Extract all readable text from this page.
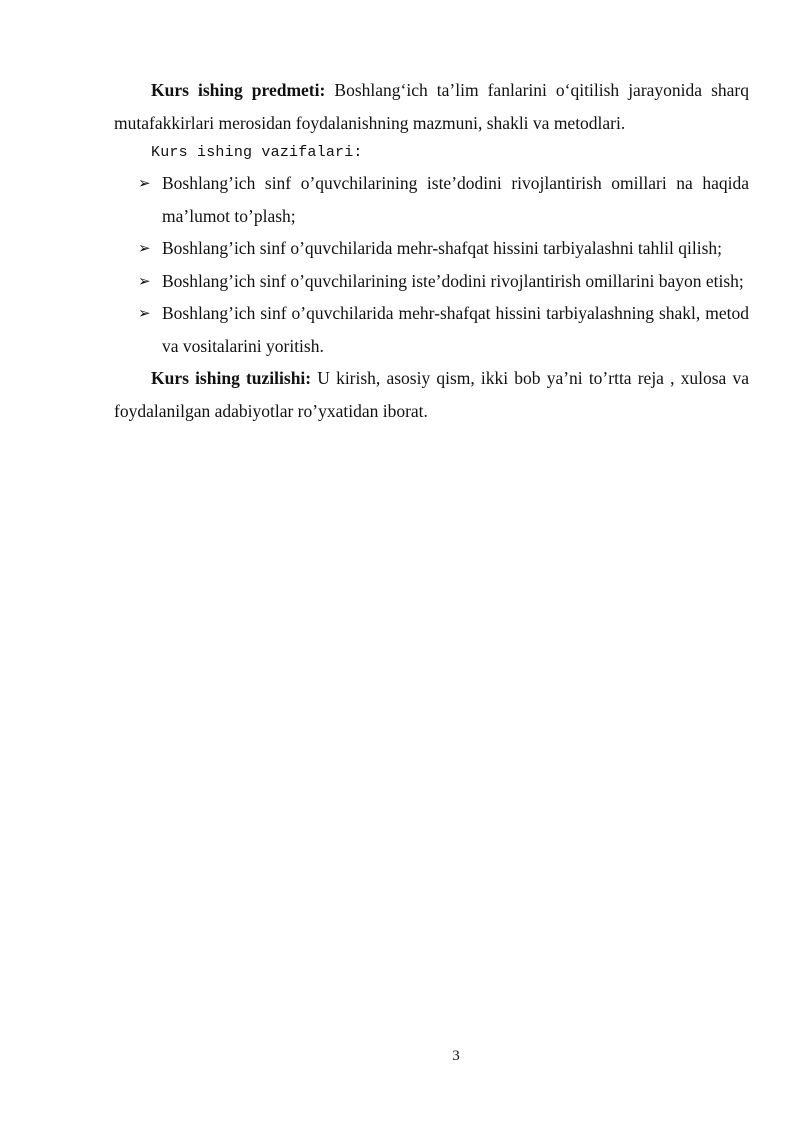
Kurs ishing predmeti: Boshlang‘ich ta’lim fanlarini o‘qitilish jarayonida sharq mutafakkirlari merosidan foydalanishning mazmuni, shakli va metodlari.

Kurs ishing vazifalari:

➢ Boshlang’ich sinf o’quvchilarining iste’dodini rivojlantirish omillari na haqida ma’lumot to’plash;
➢ Boshlang’ich sinf o’quvchilarida mehr-shafqat hissini tarbiyalashni tahlil qilish;
➢ Boshlang’ich sinf o’quvchilarining iste’dodini rivojlantirish omillarini bayon etish;
➢ Boshlang’ich sinf o’quvchilarida mehr-shafqat hissini tarbiyalashning shakl, metod va vositalarini yoritish.

Kurs ishing tuzilishi: U kirish, asosiy qism, ikki bob ya’ni to’rtta reja , xulosa va foydalanilgan adabiyotlar ro’yxatidan iborat.

3
